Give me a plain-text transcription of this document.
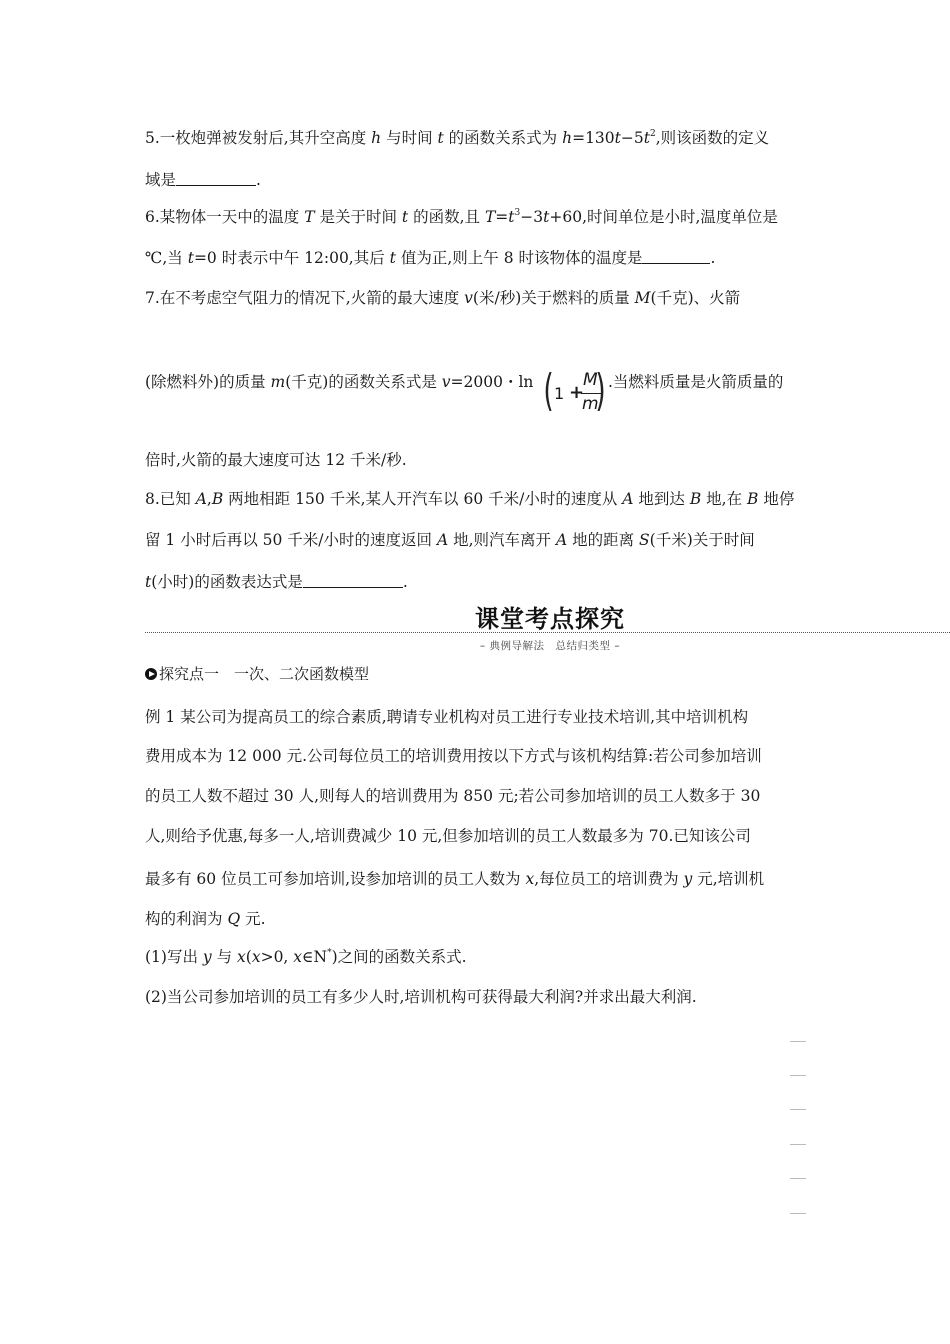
5.一枚炮弹被发射后,其升空高度 h 与时间 t 的函数关系式为 $h=130t-5t^2$,则该函数的定义
域是	.
6.某物体一天中的温度 T 是关于时间 t 的函数,且 $T=t^3-3t+60$,时间单位是小时,温度单位是
℃,当 t=0 时表示中午 12:00,其后 t 值为正,则上午 8 时该物体的温度是	.
7.在不考虑空气阻力的情况下,火箭的最大速度 v(米/秒)关于燃料的质量 M(千克)、火箭
(除燃料外)的质量 m(千克)的函数关系式是 v=2000・ln ( 1 +
M
m
) .当燃料质量是火箭质量的
倍时,火箭的最大速度可达 12 千米/秒.
8.已知 A,B 两地相距 150 千米,某人开汽车以 60 千米/小时的速度从 A 地到达 B 地,在 B 地停
留 1 小时后再以 50 千米/小时的速度返回 A 地,则汽车离开 A 地的距离 S(千米)关于时间
t(小时)的函数表达式是	.
课堂考点探究
– 典例导解法　总结归类型 –
探究点一　一次、二次函数模型
例 1 某公司为提高员工的综合素质,聘请专业机构对员工进行专业技术培训,其中培训机构
费用成本为 12 000 元.公司每位员工的培训费用按以下方式与该机构结算:若公司参加培训
的员工人数不超过 30 人,则每人的培训费用为 850 元;若公司参加培训的员工人数多于 30
人,则给予优惠,每多一人,培训费减少 10 元,但参加培训的员工人数最多为 70.已知该公司
最多有 60 位员工可参加培训,设参加培训的员工人数为 x,每位员工的培训费为 y 元,培训机
构的利润为 Q 元.
(1)写出 y 与 x(x>0, x∈N*)之间的函数关系式.
(2)当公司参加培训的员工有多少人时,培训机构可获得最大利润?并求出最大利润.
